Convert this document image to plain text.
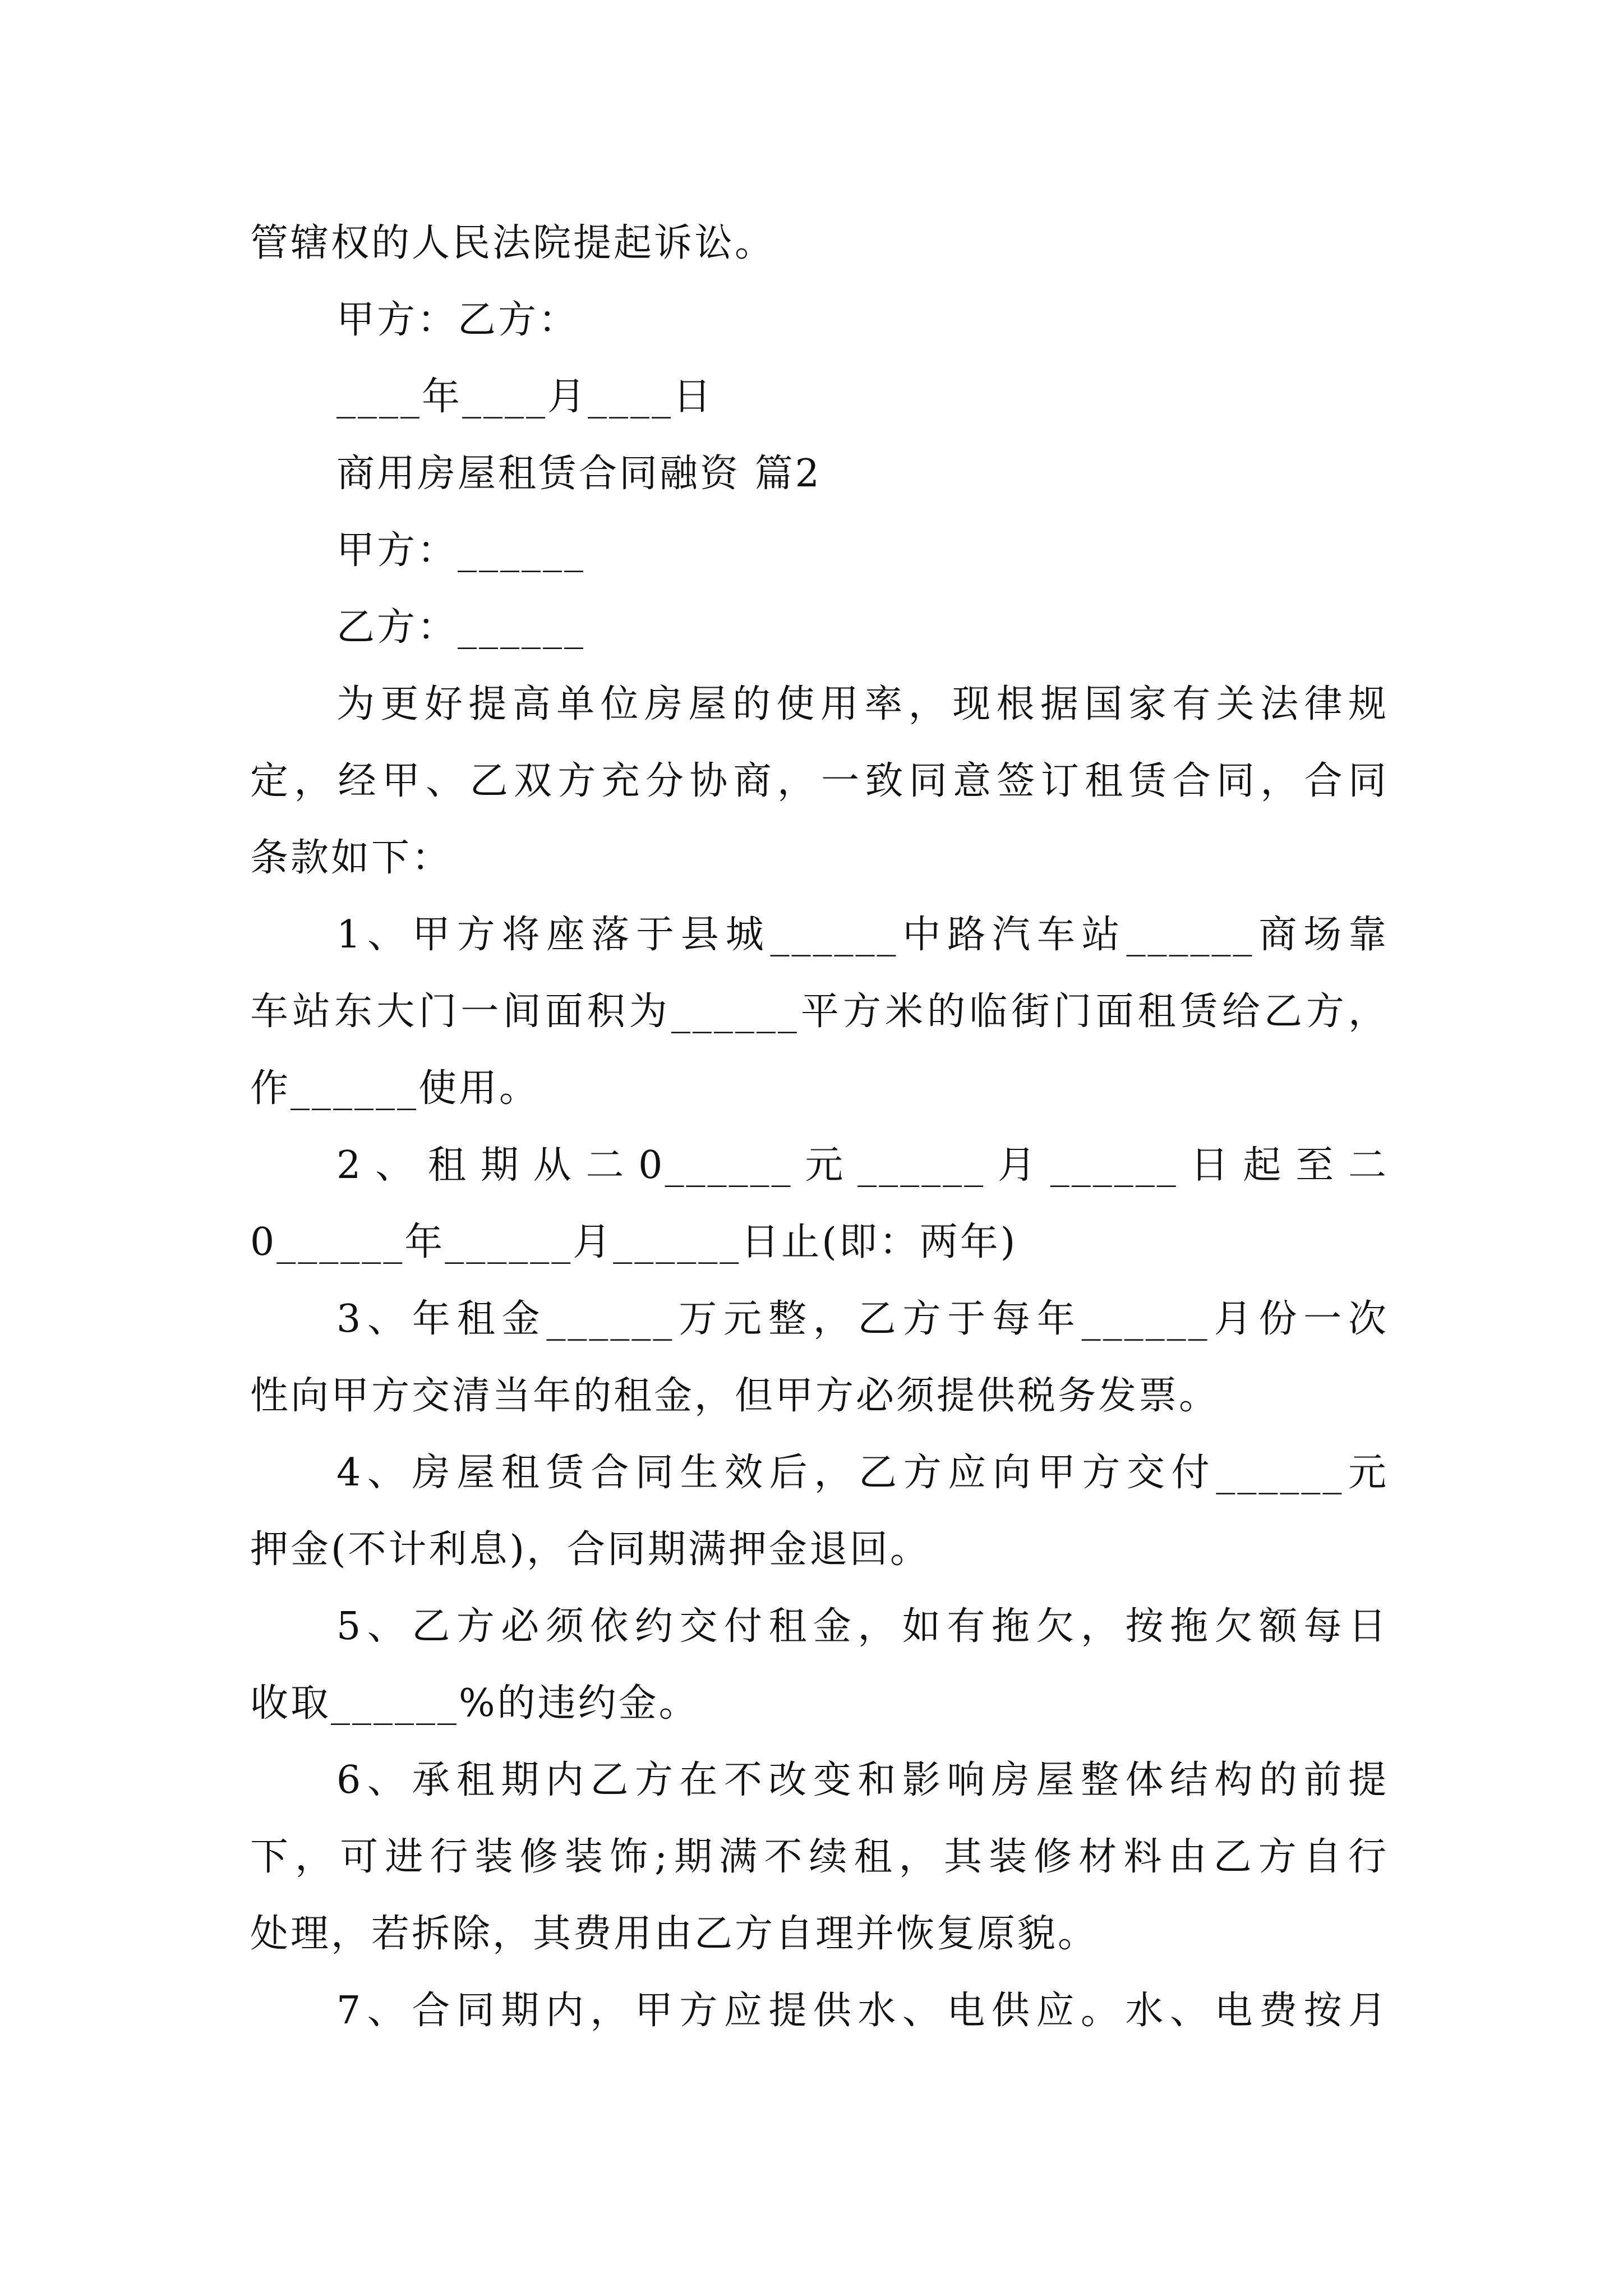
管辖权的人民法院提起诉讼。
甲方：乙方：
____年____月____日
商用房屋租赁合同融资 篇2
甲方：______
乙方：______
为更好提高单位房屋的使用率，现根据国家有关法律规
定，经甲、乙双方充分协商，一致同意签订租赁合同，合同
条款如下：
1、甲方将座落于县城______中路汽车站______商场靠
车站东大门一间面积为______平方米的临街门面租赁给乙方，
作______使用。
2、租期从二0______元______月______日起至二
0______年______月______日止(即：两年)
3、年租金______万元整，乙方于每年______月份一次
性向甲方交清当年的租金，但甲方必须提供税务发票。
4、房屋租赁合同生效后，乙方应向甲方交付______元
押金(不计利息)，合同期满押金退回。
5、乙方必须依约交付租金，如有拖欠，按拖欠额每日
收取______%的违约金。
6、承租期内乙方在不改变和影响房屋整体结构的前提
下，可进行装修装饰;期满不续租，其装修材料由乙方自行
处理，若拆除，其费用由乙方自理并恢复原貌。
7、合同期内，甲方应提供水、电供应。水、电费按月
